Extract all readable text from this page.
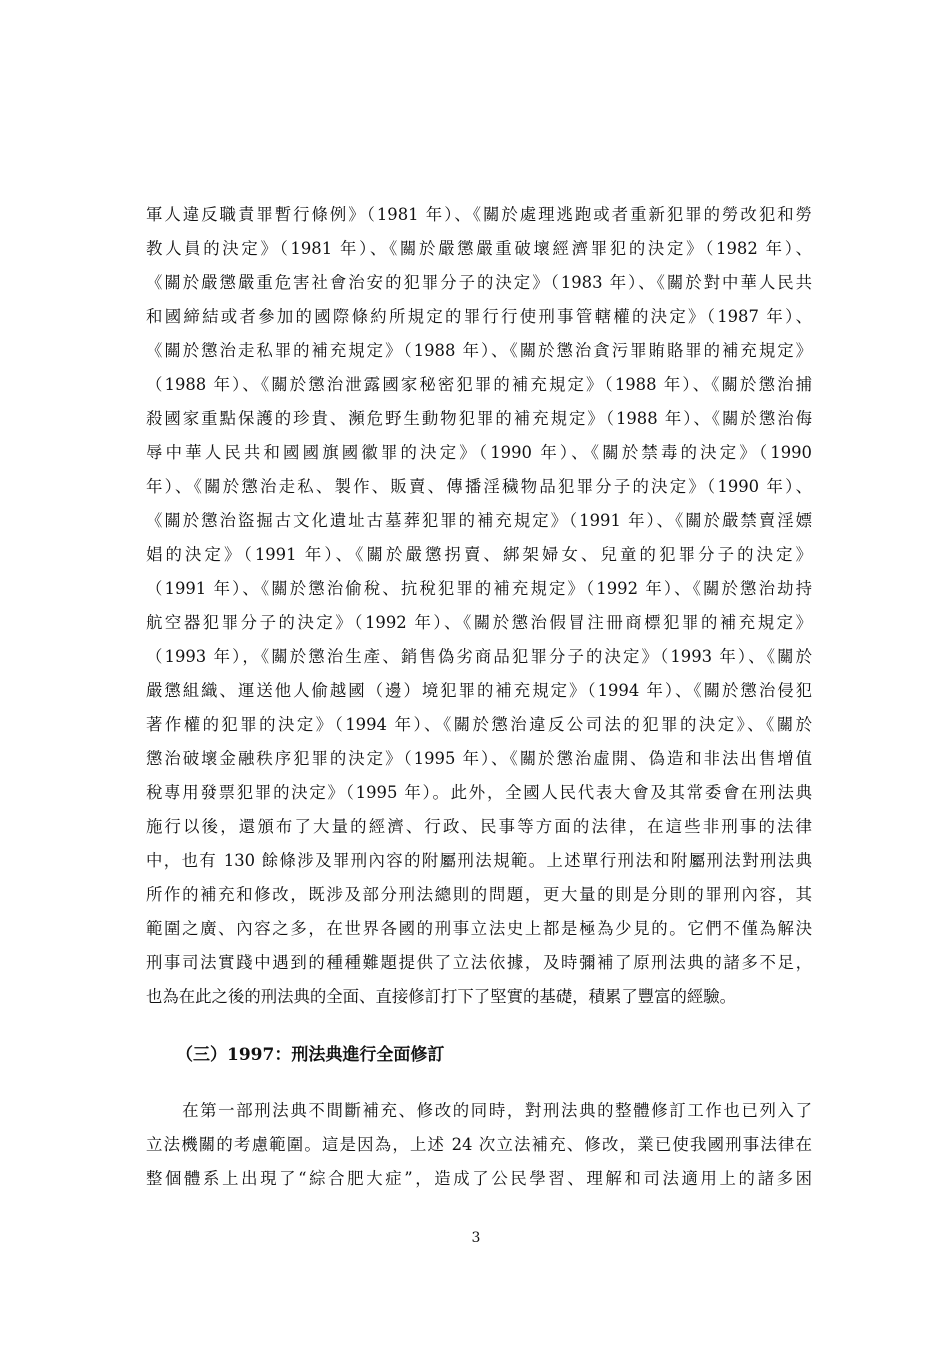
軍人違反職責罪暫行條例》（1981 年）、《關於處理逃跑或者重新犯罪的勞改犯和勞
教人員的決定》（1981 年）、《關於嚴懲嚴重破壞經濟罪犯的決定》（1982 年）、
《關於嚴懲嚴重危害社會治安的犯罪分子的決定》（1983 年）、《關於對中華人民共
和國締結或者參加的國際條約所規定的罪行行使刑事管轄權的決定》（1987 年）、
《關於懲治走私罪的補充規定》（1988 年）、《關於懲治貪污罪賄賂罪的補充規定》
（1988 年）、《關於懲治泄露國家秘密犯罪的補充規定》（1988 年）、《關於懲治捕
殺國家重點保護的珍貴、瀕危野生動物犯罪的補充規定》（1988 年）、《關於懲治侮
辱中華人民共和國國旗國徽罪的決定》（1990 年）、《關於禁毒的決定》（1990
年）、《關於懲治走私、製作、販賣、傳播淫穢物品犯罪分子的決定》（1990 年）、
《關於懲治盜掘古文化遺址古墓葬犯罪的補充規定》（1991 年）、《關於嚴禁賣淫嫖
娼的決定》（1991 年）、《關於嚴懲拐賣、綁架婦女、兒童的犯罪分子的決定》
（1991 年）、《關於懲治偷稅、抗稅犯罪的補充規定》（1992 年）、《關於懲治劫持
航空器犯罪分子的決定》（1992 年）、《關於懲治假冒注冊商標犯罪的補充規定》
（1993 年），《關於懲治生產、銷售偽劣商品犯罪分子的決定》（1993 年）、《關於
嚴懲組織、運送他人偷越國（邊）境犯罪的補充規定》（1994 年）、《關於懲治侵犯
著作權的犯罪的決定》（1994 年）、《關於懲治違反公司法的犯罪的決定》、《關於
懲治破壞金融秩序犯罪的決定》（1995 年）、《關於懲治虛開、偽造和非法出售增值
稅專用發票犯罪的決定》（1995 年）。此外，全國人民代表大會及其常委會在刑法典
施行以後，還頒布了大量的經濟、行政、民事等方面的法律，在這些非刑事的法律
中，也有 130 餘條涉及罪刑內容的附屬刑法規範。上述單行刑法和附屬刑法對刑法典
所作的補充和修改，既涉及部分刑法總則的問題，更大量的則是分則的罪刑內容，其
範圍之廣、內容之多，在世界各國的刑事立法史上都是極為少見的。它們不僅為解決
刑事司法實踐中遇到的種種難題提供了立法依據，及時彌補了原刑法典的諸多不足，
也為在此之後的刑法典的全面、直接修訂打下了堅實的基礎，積累了豐富的經驗。
（三）1997：刑法典進行全面修訂
　　在第一部刑法典不間斷補充、修改的同時，對刑法典的整體修訂工作也已列入了
立法機關的考慮範圍。這是因為，上述 24 次立法補充、修改，業已使我國刑事法律在
整個體系上出現了“綜合肥大症”，造成了公民學習、理解和司法適用上的諸多困
3
